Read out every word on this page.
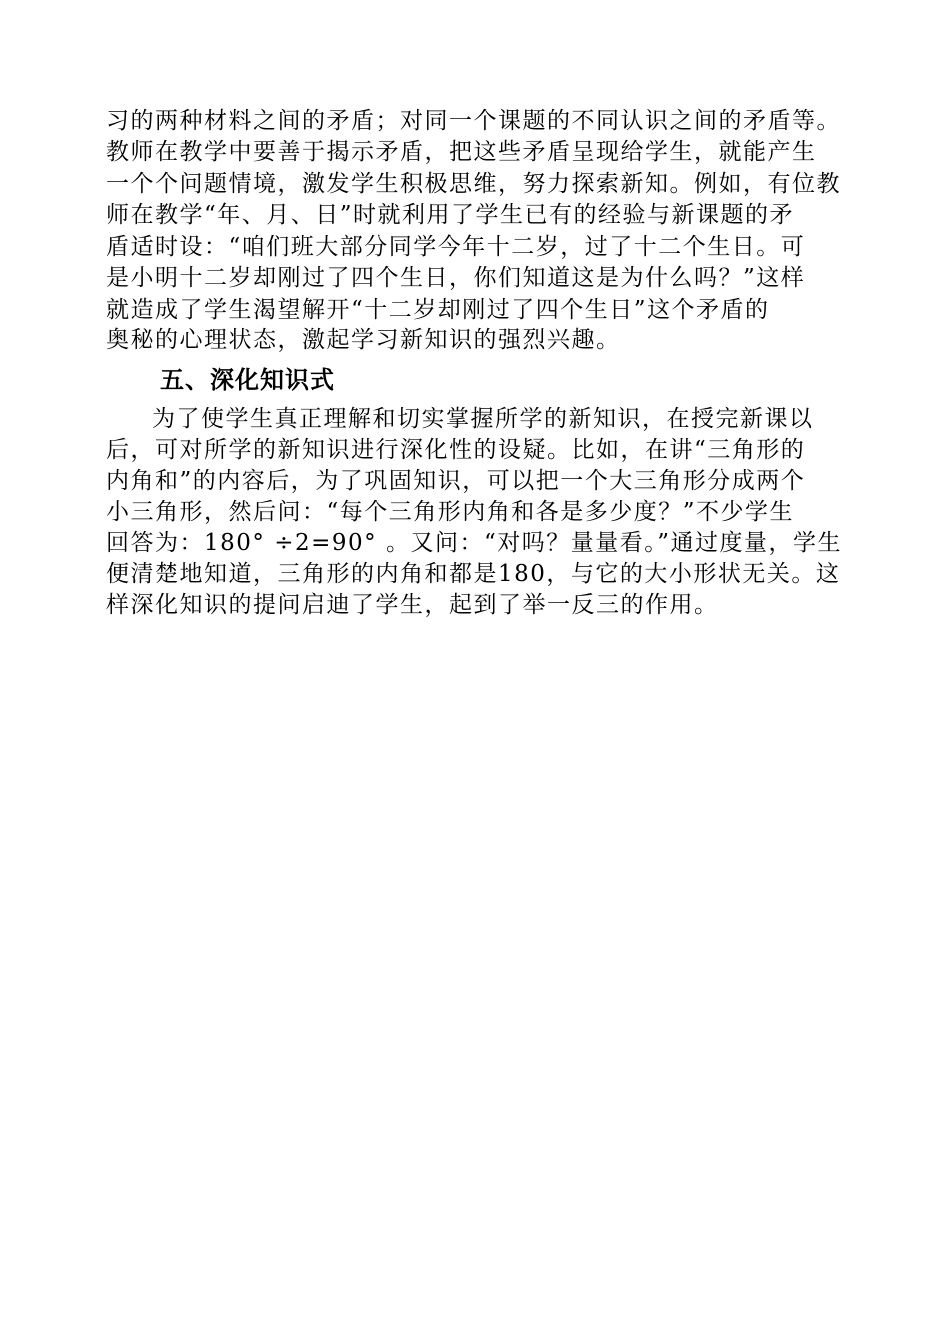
习的两种材料之间的矛盾；对同一个课题的不同认识之间的矛盾等。
教师在教学中要善于揭示矛盾，把这些矛盾呈现给学生，就能产生
一个个问题情境，激发学生积极思维，努力探索新知。例如，有位教
师在教学“年、月、日”时就利用了学生已有的经验与新课题的矛
盾适时设：“咱们班大部分同学今年十二岁，过了十二个生日。可
是小明十二岁却刚过了四个生日，你们知道这是为什么吗？”这样
就造成了学生渴望解开“十二岁却刚过了四个生日”这个矛盾的
奥秘的心理状态，激起学习新知识的强烈兴趣。
五、深化知识式
为了使学生真正理解和切实掌握所学的新知识，在授完新课以
后，可对所学的新知识进行深化性的设疑。比如，在讲“三角形的
内角和”的内容后，为了巩固知识，可以把一个大三角形分成两个
小三角形，然后问：“每个三角形内角和各是多少度？”不少学生
回答为：180° ÷2=90° 。又问：“对吗？量量看。”通过度量，学生
便清楚地知道，三角形的内角和都是180，与它的大小形状无关。这
样深化知识的提问启迪了学生，起到了举一反三的作用。
